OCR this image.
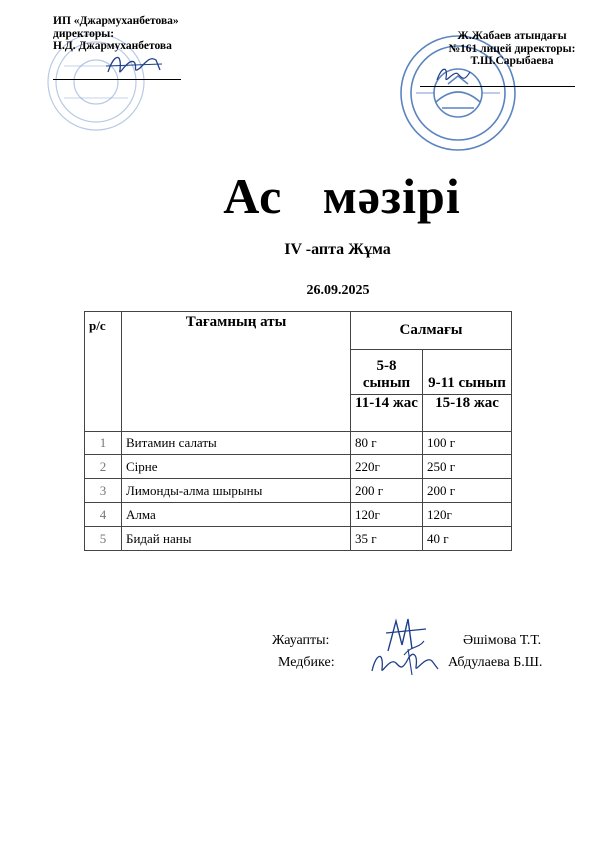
ИП «Джармуханбетова»
директоры:
Н.Д. Джармуханбетова
Ж.Жабаев атындағы
№161 лицей директоры:
Т.Ш.Сарыбаева
Ас   мәзірі
IV -апта Жұма
26.09.2025
р/с	Тағамның аты	Салмағы	
		5-8 сынып	9-11 сынып
		11-14 жас	15-18 жас
1	Витамин салаты	80 г	100 г
2	Сірне	220г	250 г
3	Лимонды-алма шырыны	200 г	200 г
4	Алма	120г	120г
5	Бидай наны	35 г	40 г
Жауапты:	Әшімова Т.Т.
Медбике:	Абдулаева Б.Ш.
